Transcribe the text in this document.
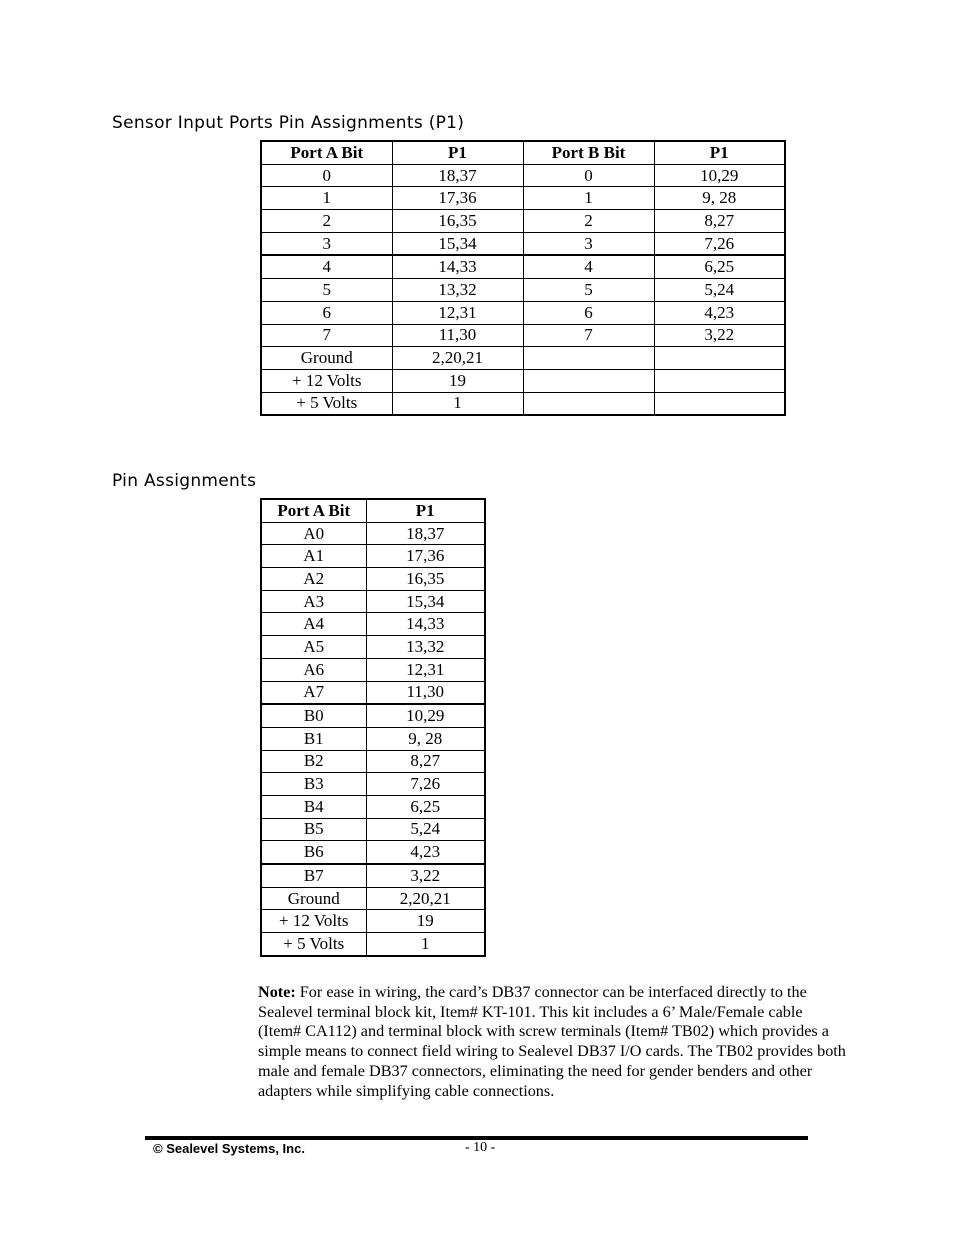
Sensor Input Ports Pin Assignments (P1)
Port A Bit	P1	Port B Bit	P1
0	18,37	0	10,29
1	17,36	1	9, 28
2	16,35	2	8,27
3	15,34	3	7,26
4	14,33	4	6,25
5	13,32	5	5,24
6	12,31	6	4,23
7	11,30	7	3,22
Ground	2,20,21		
+ 12 Volts	19		
+ 5 Volts	1		
Pin Assignments
Port A Bit	P1
A0	18,37
A1	17,36
A2	16,35
A3	15,34
A4	14,33
A5	13,32
A6	12,31
A7	11,30
B0	10,29
B1	9, 28
B2	8,27
B3	7,26
B4	6,25
B5	5,24
B6	4,23
B7	3,22
Ground	2,20,21
+ 12 Volts	19
+ 5 Volts	1

Note: For ease in wiring, the card’s DB37 connector can be interfaced directly to the Sealevel terminal block kit, Item# KT-101. This kit includes a 6’ Male/Female cable (Item# CA112) and terminal block with screw terminals (Item# TB02) which provides a simple means to connect field wiring to Sealevel DB37 I/O cards. The TB02 provides both male and female DB37 connectors, eliminating the need for gender benders and other adapters while simplifying cable connections.

© Sealevel Systems, Inc.	- 10 -
